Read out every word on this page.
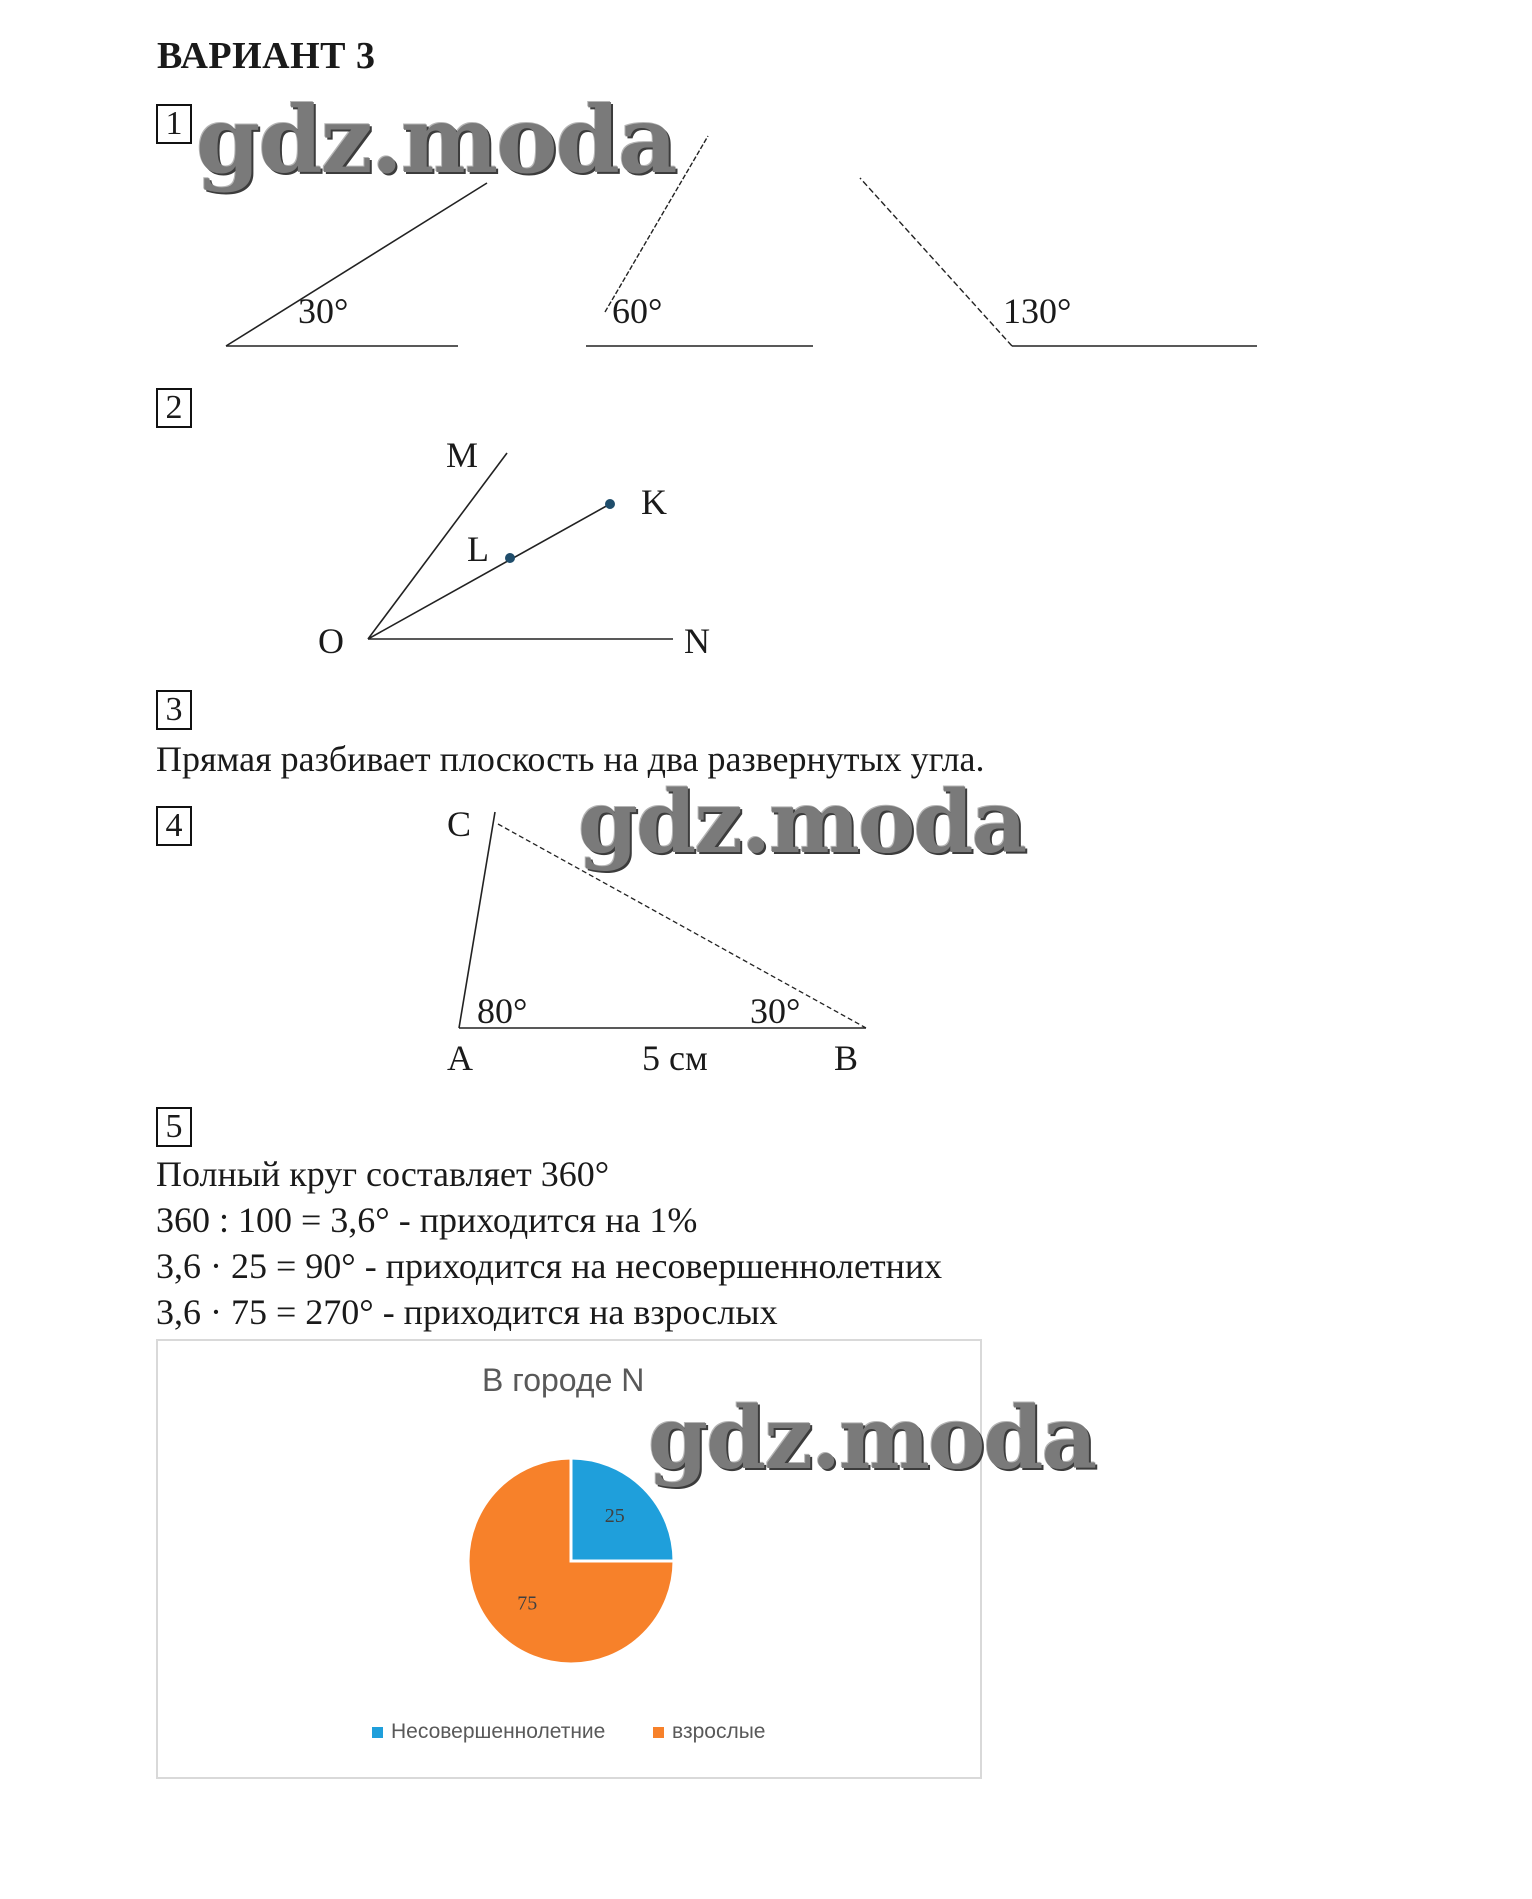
ВАРИАНТ 3
gdz.moda
gdz.moda
gdz.moda
1
30°	60°	130°
2
M
K
L
O	N
3
Прямая разбивает плоскость на два развернутых угла.
4	C
80°	30°
A	5 см	B
5
Полный круг составляет 360°
360 : 100 = 3,6° - приходится на 1%
3,6 · 25 = 90° - приходится на несовершеннолетних
3,6 · 75 = 270° - приходится на взрослых
В городе N
25
75
Несовершеннолетние	взрослые
